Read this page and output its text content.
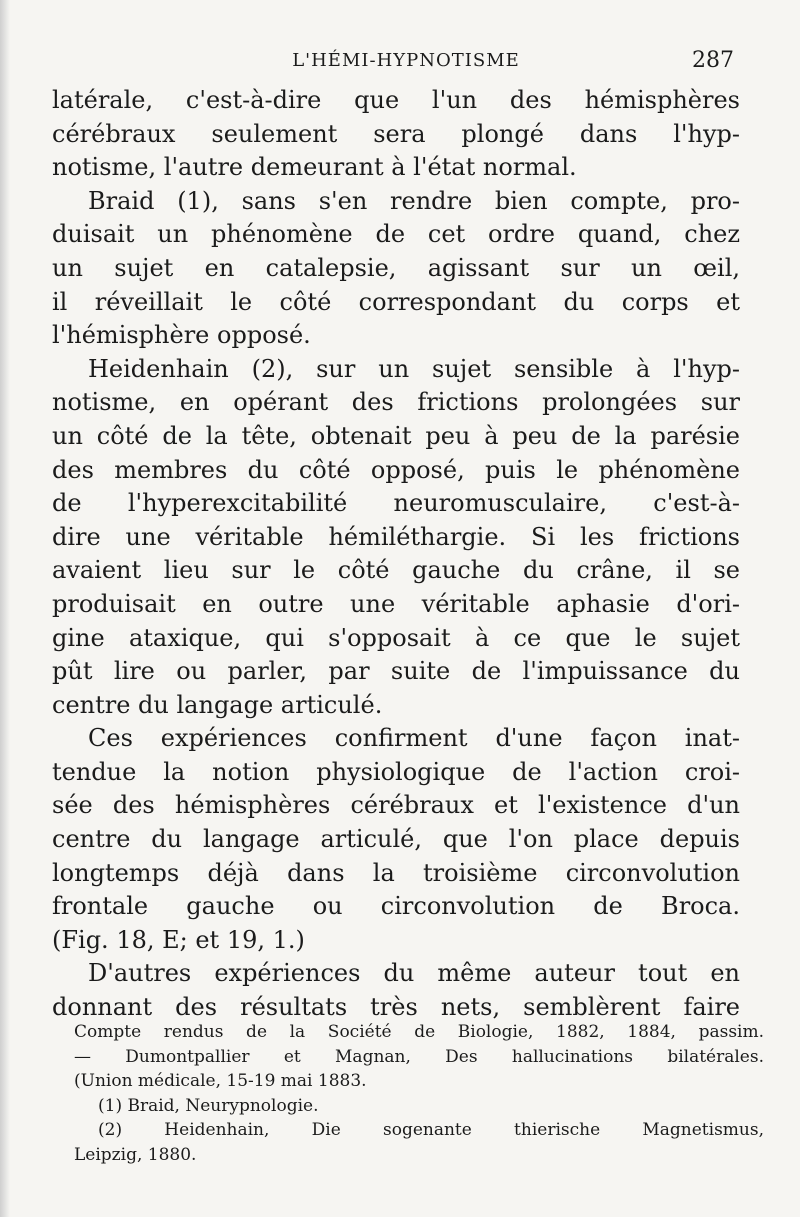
L'HÉMI-HYPNOTISME	287
latérale, c'est-à-dire que l'un des hémisphères
cérébraux seulement sera plongé dans l'hyp-
notisme, l'autre demeurant à l'état normal.
Braid (1), sans s'en rendre bien compte, pro-
duisait un phénomène de cet ordre quand, chez
un sujet en catalepsie, agissant sur un œil,
il réveillait le côté correspondant du corps et
l'hémisphère opposé.
Heidenhain (2), sur un sujet sensible à l'hyp-
notisme, en opérant des frictions prolongées sur
un côté de la tête, obtenait peu à peu de la parésie
des membres du côté opposé, puis le phénomène
de l'hyperexcitabilité neuromusculaire, c'est-à-
dire une véritable hémiléthargie. Si les frictions
avaient lieu sur le côté gauche du crâne, il se
produisait en outre une véritable aphasie d'ori-
gine ataxique, qui s'opposait à ce que le sujet
pût lire ou parler, par suite de l'impuissance du
centre du langage articulé.
Ces expériences confirment d'une façon inat-
tendue la notion physiologique de l'action croi-
sée des hémisphères cérébraux et l'existence d'un
centre du langage articulé, que l'on place depuis
longtemps déjà dans la troisième circonvolution
frontale gauche ou circonvolution de Broca.
(Fig. 18, E; et 19, 1.)
D'autres expériences du même auteur tout en
donnant des résultats très nets, semblèrent faire
Compte rendus de la Société de Biologie, 1882, 1884, passim.
— Dumontpallier et Magnan, Des hallucinations bilatérales.
(Union médicale, 15-19 mai 1883.
(1) Braid, Neurypnologie.
(2) Heidenhain, Die sogenante thierische Magnetismus,
Leipzig, 1880.
